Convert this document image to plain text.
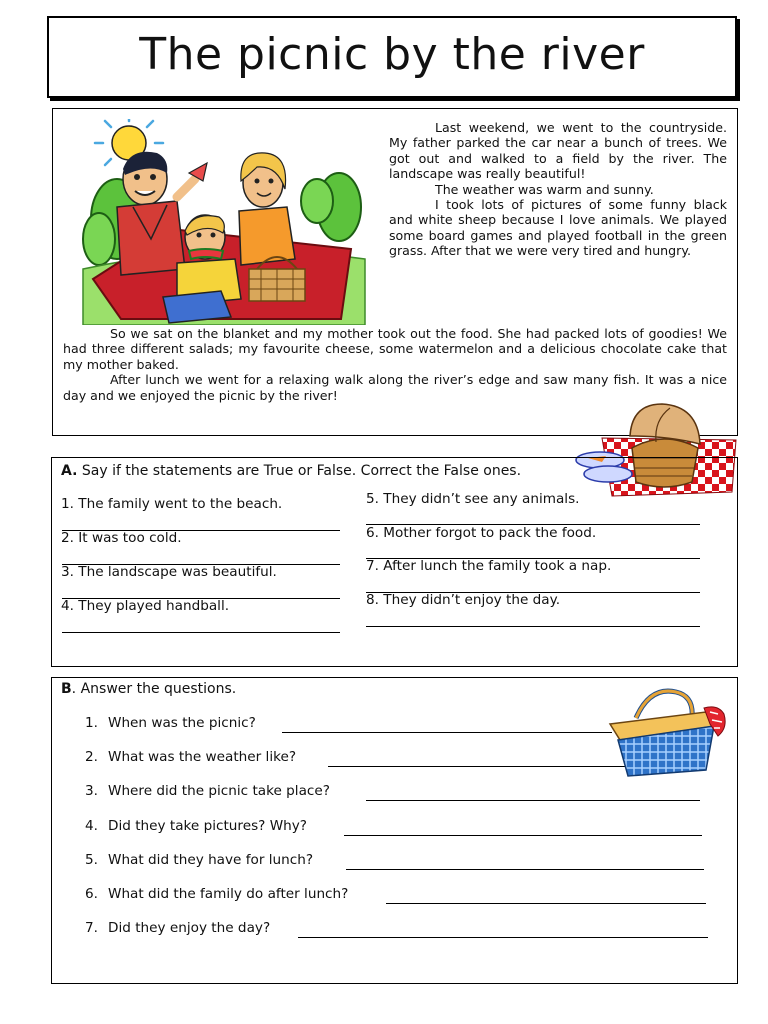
The picnic by the river

Last weekend, we went to the countryside. My father parked the car near a bunch of trees. We got out and walked to a field by the river. The landscape was really beautiful!

The weather was warm and sunny.

I took lots of pictures of some funny black and white sheep because I love animals. We played some board games and played football in the green grass. After that we were very tired and hungry.

So we sat on the blanket and my mother took out the food. She had packed lots of goodies! We had three different salads; my favourite cheese, some watermelon and a delicious chocolate cake that my mother baked.

After lunch we went for a relaxing walk along the river’s edge and saw many fish. It was a nice day and we enjoyed the picnic by the river!

A. Say if the statements are True or False. Correct the False ones.
1. The family went to the beach.
2. It was too cold.
3. The landscape was beautiful.
4. They played handball.
5. They didn’t see any animals.
6. Mother forgot to pack the food.
7. After lunch the family took a nap.
8. They didn’t enjoy the day.
B. Answer the questions.
1. When was the picnic?
2. What was the weather like?
3. Where did the picnic take place?
4. Did they take pictures? Why?
5. What did they have for lunch?
6. What did the family do after lunch?
7. Did they enjoy the day?
